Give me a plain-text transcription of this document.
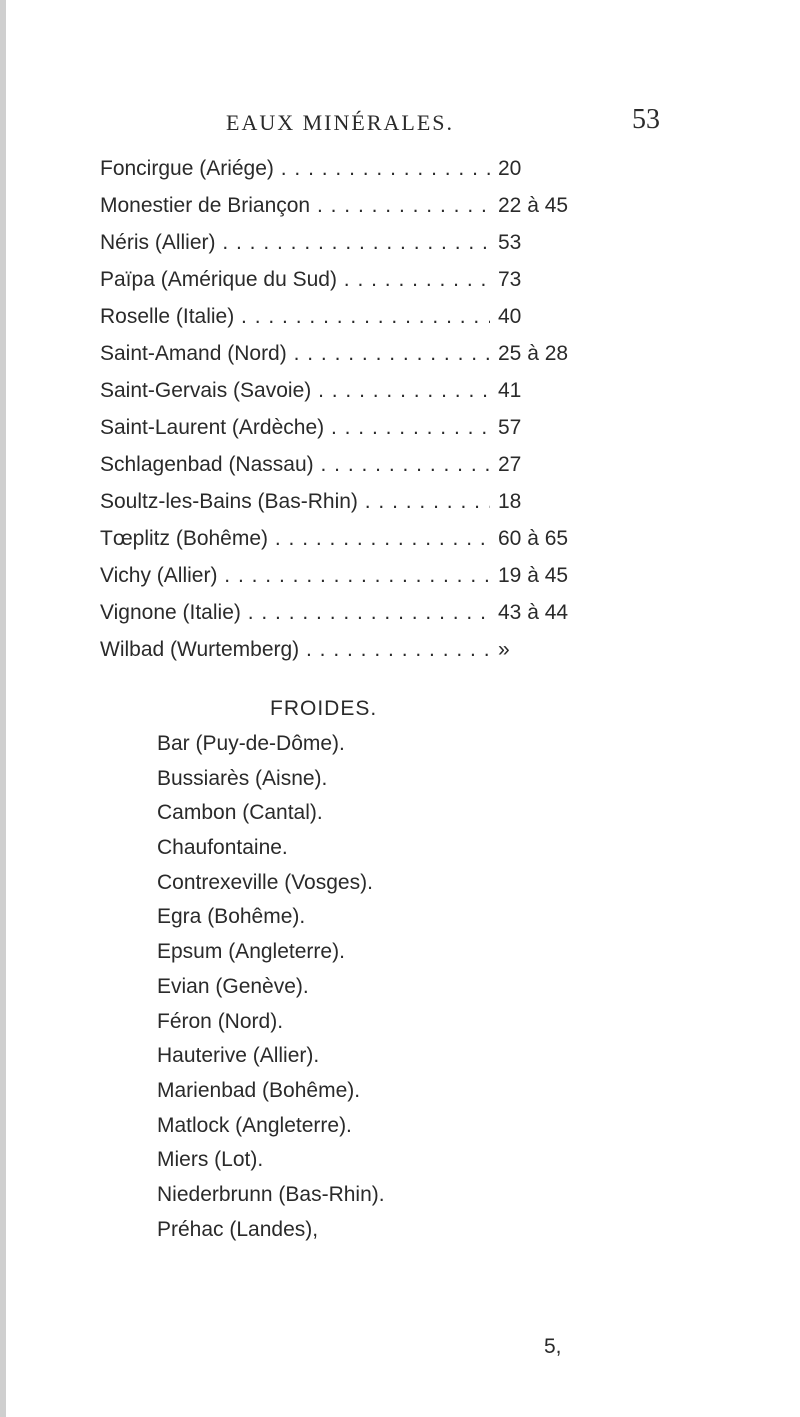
EAUX MINÉRALES.	53
Foncirgue (Ariége) . . .	20
Monestier de Briançon . . .	22 à 45
Néris (Allier) . . .	53
Païpa (Amérique du Sud) . . .	73
Roselle (Italie) . . .	40
Saint-Amand (Nord) . . .	25 à 28
Saint-Gervais (Savoie) . . .	41
Saint-Laurent (Ardèche) . . .	57
Schlagenbad (Nassau) . . .	27
Soultz-les-Bains (Bas-Rhin) . . .	18
Tœplitz (Bohême) . . .	60 à 65
Vichy (Allier) . . .	19 à 45
Vignone (Italie) . . .	43 à 44
Wilbad (Wurtemberg) . . .	»
FROIDES.
Bar (Puy-de-Dôme).
Bussiarès (Aisne).
Cambon (Cantal).
Chaufontaine.
Contrexeville (Vosges).
Egra (Bohême).
Epsum (Angleterre).
Evian (Genève).
Féron (Nord).
Hauterive (Allier).
Marienbad (Bohême).
Matlock (Angleterre).
Miers (Lot).
Niederbrunn (Bas-Rhin).
Préhac (Landes),
5,
